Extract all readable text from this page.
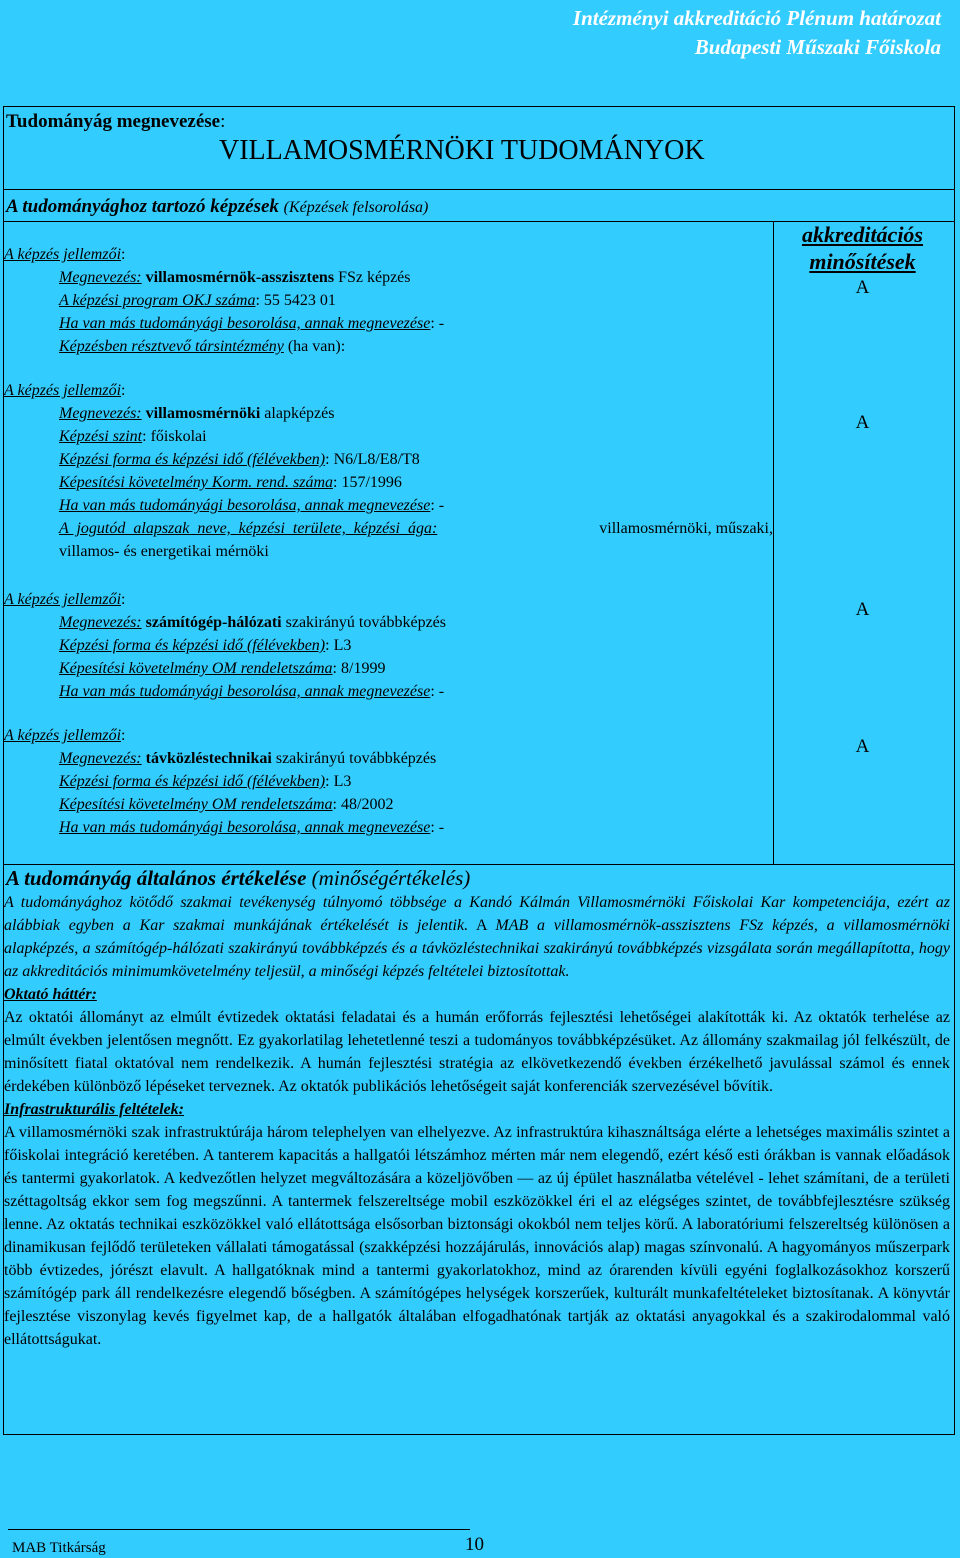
Intézményi akkreditáció Plénum határozat
Budapesti Műszaki Főiskola
Tudományág megnevezése:
VILLAMOSMÉRNÖKI TUDOMÁNYOK
A tudományághoz tartozó képzések (Képzések felsorolása)
akkreditációs
minősítések
A
A
A
A
A képzés jellemzői:
Megnevezés: villamosmérnök-asszisztens FSz képzés
A képzési program OKJ száma: 55 5423 01
Ha van más tudományági besorolása, annak megnevezése: -
Képzésben résztvevő társintézmény (ha van):
A képzés jellemzői:
Megnevezés: villamosmérnöki alapképzés
Képzési szint: főiskolai
Képzési forma és képzési idő (félévekben): N6/L8/E8/T8
Képesítési követelmény Korm. rend. száma: 157/1996
Ha van más tudományági besorolása, annak megnevezése: -
A jogutód alapszak neve, képzési területe, képzési ága:	villamosmérnöki, műszaki,
villamos- és energetikai mérnöki
A képzés jellemzői:
Megnevezés: számítógép-hálózati szakirányú továbbképzés
Képzési forma és képzési idő (félévekben): L3
Képesítési követelmény OM rendeletszáma: 8/1999
Ha van más tudományági besorolása, annak megnevezése: -
A képzés jellemzői:
Megnevezés: távközléstechnikai szakirányú továbbképzés
Képzési forma és képzési idő (félévekben): L3
Képesítési követelmény OM rendeletszáma: 48/2002
Ha van más tudományági besorolása, annak megnevezése: -
A tudományág általános értékelése (minőségértékelés)

A tudományághoz kötődő szakmai tevékenység túlnyomó többsége a Kandó Kálmán Villamosmérnöki Főiskolai Kar kompetenciája, ezért az alábbiak egyben a Kar szakmai munkájának értékelését is jelentik. A MAB a villamosmérnök-asszisztens FSz képzés, a villamosmérnöki alapképzés, a számítógép-hálózati szakirányú továbbképzés és a távközléstechnikai szakirányú továbbképzés vizsgálata során megállapította, hogy az akkreditációs minimumkövetelmény teljesül, a minőségi képzés feltételei biztosítottak.

Oktató háttér:

Az oktatói állományt az elmúlt évtizedek oktatási feladatai és a humán erőforrás fejlesztési lehetőségei alakították ki. Az oktatók terhelése az elmúlt években jelentősen megnőtt. Ez gyakorlatilag lehetetlenné teszi a tudományos továbbképzésüket. Az állomány szakmailag jól felkészült, de minősített fiatal oktatóval nem rendelkezik. A humán fejlesztési stratégia az elkövetkezendő években érzékelhető javulással számol és ennek érdekében különböző lépéseket terveznek. Az oktatók publikációs lehetőségeit saját konferenciák szervezésével bővítik.

Infrastrukturális feltételek:

A villamosmérnöki szak infrastruktúrája három telephelyen van elhelyezve. Az infrastruktúra kihasználtsága elérte a lehetséges maximális szintet a főiskolai integráció keretében. A tanterem kapacitás a hallgatói létszámhoz mérten már nem elegendő, ezért késő esti órákban is vannak előadások és tantermi gyakorlatok. A kedvezőtlen helyzet megváltozására a közeljövőben — az új épület használatba vételével - lehet számítani, de a területi széttagoltság ekkor sem fog megszűnni. A tantermek felszereltsége mobil eszközökkel éri el az elégséges szintet, de továbbfejlesztésre szükség lenne. Az oktatás technikai eszközökkel való ellátottsága elsősorban biztonsági okokból nem teljes körű. A laboratóriumi felszereltség különösen a dinamikusan fejlődő területeken vállalati támogatással (szakképzési hozzájárulás, innovációs alap) magas színvonalú. A hagyományos műszerpark több évtizedes, jórészt elavult. A hallgatóknak mind a tantermi gyakorlatokhoz, mind az órarenden kívüli egyéni foglalkozásokhoz korszerű számítógép park áll rendelkezésre elegendő bőségben. A számítógépes helységek korszerűek, kulturált munkafeltételeket biztosítanak. A könyvtár fejlesztése viszonylag kevés figyelmet kap, de a hallgatók általában elfogadhatónak tartják az oktatási anyagokkal és a szakirodalommal való ellátottságukat.

MAB Titkárság	10
